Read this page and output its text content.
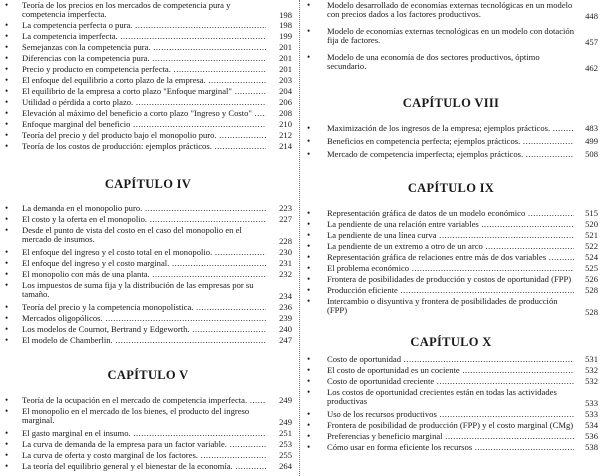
• Teoría de los precios en los mercados de competencia pura y competencia imperfecta. .....	198
• La competencia perfecta o pura. .....	198
• La competencia imperfecta. .....	199
• Semejanzas con la competencia pura. .....	201
• Diferencias con la competencia pura. .....	201
• Precio y producto en competencia perfecta. .....	201
• El enfoque del equilibrio a corto plazo de la empresa. .....	203
• El equilibrio de la empresa a corto plazo "Enfoque marginal" .....	204
• Utilidad o pérdida a corto plazo. .....	206
• Elevación al máximo del beneficio a corto plazo "Ingreso y Costo" .....	208
• Enfoque marginal del beneficio .....	210
• Teoría del precio y del producto bajo el monopolio puro. .....	212
• Teoría de los costos de producción: ejemplos prácticos. .....	214
CAPÍTULO IV
• La demanda en el monopolio puro. .....	223
• El costo y la oferta en el monopolio. .....	227
• Desde el punto de vista del costo en el caso del monopolio en el mercado de insumos. .....	228
• El enfoque del ingreso y el costo total en el monopolio. .....	230
• El enfoque del ingreso y el costo marginal. .....	231
• El monopolio con más de una planta. .....	232
• Los impuestos de suma fija y la distribución de las empresas por su tamaño. .....	234
• Teoría del precio y la competencia monopolística. .....	236
• Mercados oligopólicos. .....	239
• Los modelos de Cournot, Bertrand y Edgeworth. .....	240
• El modelo de Chamberlin. .....	247
CAPÍTULO V
• Teoría de la ocupación en el mercado de competencia imperfecta. .....	249
• El monopolio en el mercado de los bienes, el producto del ingreso marginal. .....	249
• El gasto marginal en el insumo. .....	251
• La curva de demanda de la empresa para un factor variable. .....	253
• La curva de oferta y costo marginal de los factores. .....	255
• La teoría del equilibrio general y el bienestar de la economía. .....	264
• Modelo desarrollado de economías externas tecnológicas en un modelo con precios dados a los factores productivos. .....	448
• Modelo de economías externas tecnológicas en un modelo con dotación fija de factores. .....	457
• Modelo de una economía de dos sectores productivos, óptimo secundario. .....	462
CAPÍTULO VIII
• Maximización de los ingresos de la empresa; ejemplos prácticos. .....	483
• Beneficios en competencia perfecta; ejemplos prácticos. .....	499
• Mercado de competencia imperfecta; ejemplos prácticos. .....	508
CAPÍTULO IX
• Representación gráfica de datos de un modelo económico .....	515
• La pendiente de una relación entre variables .....	520
• La pendiente de una línea curva .....	521
• La pendiente de un extremo a otro de un arco .....	522
• Representación gráfica de relaciones entre más de dos variables .....	524
• El problema económico .....	525
• Frontera de posibilidades de producción y costos de oportunidad (FPP) .....	526
• Producción eficiente .....	528
• Intercambio o disyuntiva y frontera de posibilidades de producción (FPP) .....	528
CAPÍTULO X
• Costo de oportunidad .....	531
• El costo de oportunidad es un cociente .....	532
• Costo de oportunidad creciente .....	532
• Los costos de oportunidad crecientes están en todas las actividades productivas .....	533
• Uso de los recursos productivos .....	533
• Frontera de posibilidad de producción (FPP) y el costo marginal (CMg) .....	534
• Preferencias y beneficio marginal .....	536
• Cómo usar en forma eficiente los recursos .....	538
